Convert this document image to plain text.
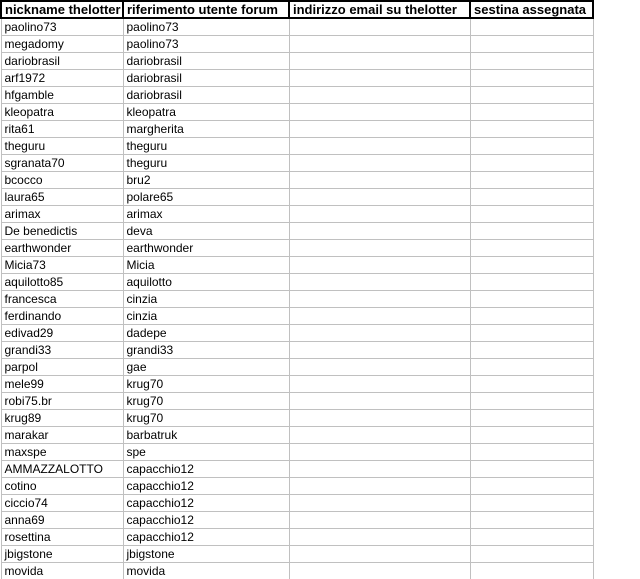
nickname thelotter	riferimento utente forum	indirizzo email su thelotter	sestina assegnata
paolino73	paolino73		
megadomy	paolino73		
dariobrasil	dariobrasil		
arf1972	dariobrasil		
hfgamble	dariobrasil		
kleopatra	kleopatra		
rita61	margherita		
theguru	theguru		
sgranata70	theguru		
bcocco	bru2		
laura65	polare65		
arimax	arimax		
De benedictis	deva		
earthwonder	earthwonder		
Micia73	Micia		
aquilotto85	aquilotto		
francesca	cinzia		
ferdinando	cinzia		
edivad29	dadepe		
grandi33	grandi33		
parpol	gae		
mele99	krug70		
robi75.br	krug70		
krug89	krug70		
marakar	barbatruk		
maxspe	spe		
AMMAZZALOTTO	capacchio12		
cotino	capacchio12		
ciccio74	capacchio12		
anna69	capacchio12		
rosettina	capacchio12		
jbigstone	jbigstone		
movida	movida		
